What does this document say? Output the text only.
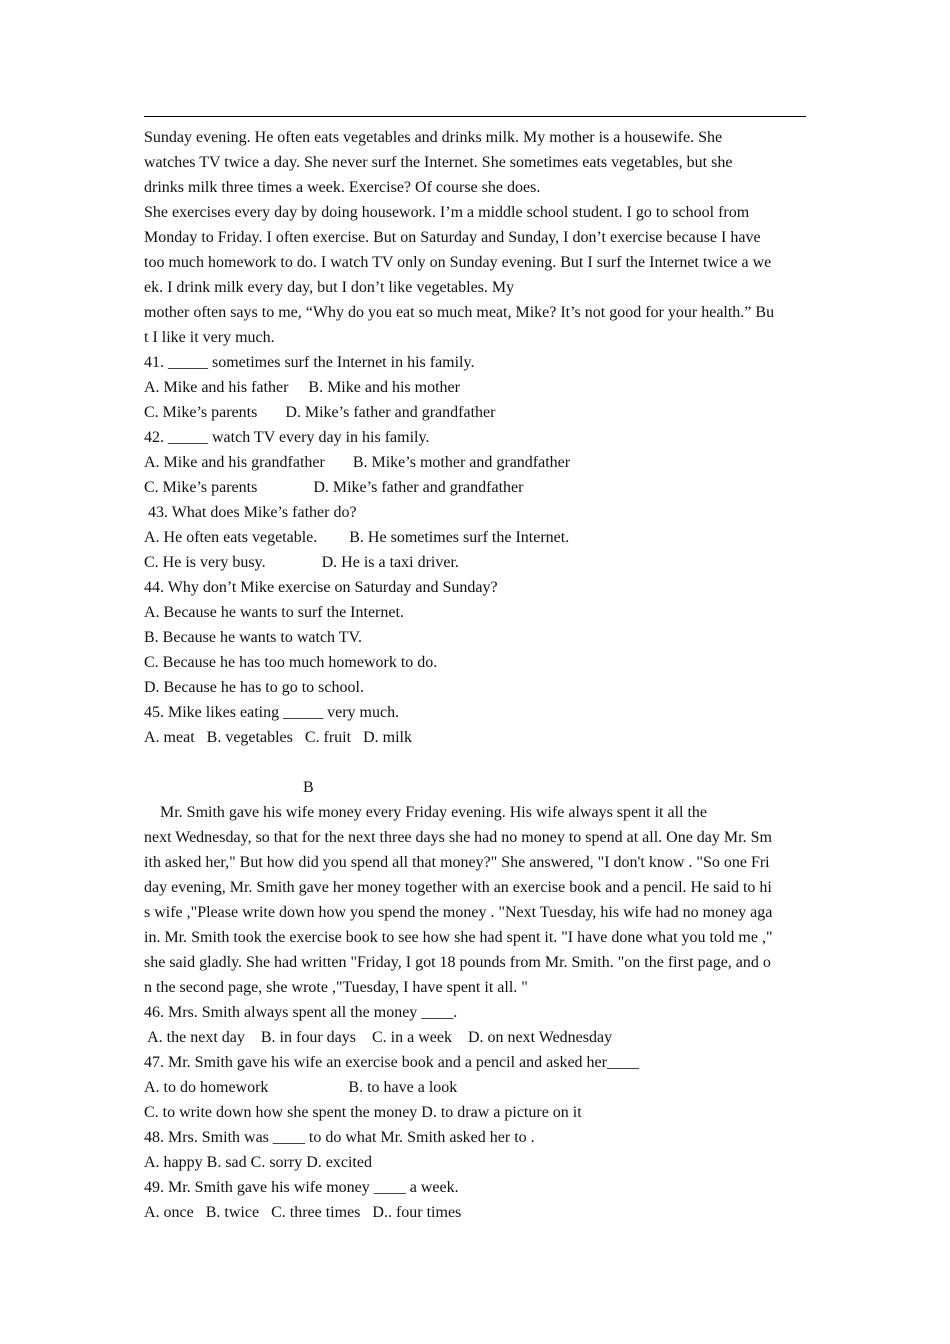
Sunday evening. He often eats vegetables and drinks milk. My mother is a housewife. She
watches TV twice a day. She never surf the Internet. She sometimes eats vegetables, but she
drinks milk three times a week. Exercise? Of course she does.
She exercises every day by doing housework. I’m a middle school student. I go to school from
Monday to Friday. I often exercise. But on Saturday and Sunday, I don’t exercise because I have
too much homework to do. I watch TV only on Sunday evening. But I surf the Internet twice a we
ek. I drink milk every day, but I don’t like vegetables. My
mother often says to me, “Why do you eat so much meat, Mike? It’s not good for your health.” Bu
t I like it very much.
41. _____ sometimes surf the Internet in his family.
A. Mike and his father     B. Mike and his mother
C. Mike’s parents       D. Mike’s father and grandfather
42. _____ watch TV every day in his family.
A. Mike and his grandfather       B. Mike’s mother and grandfather
C. Mike’s parents              D. Mike’s father and grandfather
43. What does Mike’s father do?
A. He often eats vegetable.        B. He sometimes surf the Internet.
C. He is very busy.              D. He is a taxi driver.
44. Why don’t Mike exercise on Saturday and Sunday?
A. Because he wants to surf the Internet.
B. Because he wants to watch TV.
C. Because he has too much homework to do.
D. Because he has to go to school.
45. Mike likes eating _____ very much.
A. meat   B. vegetables   C. fruit   D. milk
B
Mr. Smith gave his wife money every Friday evening. His wife always spent it all the
next Wednesday, so that for the next three days she had no money to spend at all. One day Mr. Sm
ith asked her," But how did you spend all that money?" She answered, "I don't know . "So one Fri
day evening, Mr. Smith gave her money together with an exercise book and a pencil. He said to hi
s wife ,"Please write down how you spend the money . "Next Tuesday, his wife had no money aga
in. Mr. Smith took the exercise book to see how she had spent it. "I have done what you told me ,"
she said gladly. She had written "Friday, I got 18 pounds from Mr. Smith. "on the first page, and o
n the second page, she wrote ,"Tuesday, I have spent it all. "
46. Mrs. Smith always spent all the money ____.
A. the next day    B. in four days    C. in a week    D. on next Wednesday
47. Mr. Smith gave his wife an exercise book and a pencil and asked her____
A. to do homework                    B. to have a look
C. to write down how she spent the money D. to draw a picture on it
48. Mrs. Smith was ____ to do what Mr. Smith asked her to .
A. happy B. sad C. sorry D. excited
49. Mr. Smith gave his wife money ____ a week.
A. once   B. twice   C. three times   D.. four times
